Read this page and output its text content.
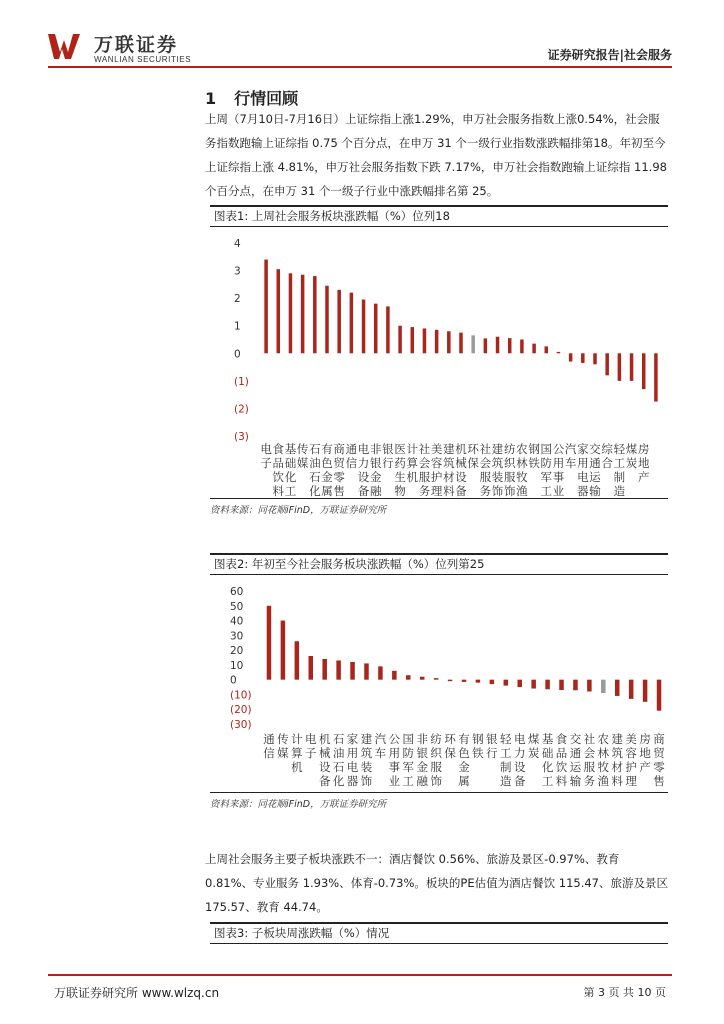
万联证券
WANLIAN SECURITIES	证券研究报告|社会服务
1 行情回顾
上周（7月10日-7月16日）上证综指上涨1.29%，申万社会服务指数上涨0.54%，社会服务指数跑输上证综指 0.75 个百分点，在申万 31 个一级行业指数涨跌幅排第18。年初至今上证综指上涨 4.81%，申万社会服务指数下跌 7.17%，申万社会指数跑输上证综指 11.98 个百分点，在申万 31 个一级子行业中涨跌幅排名第 25。
图表1: 上周社会服务板块涨跌幅（%）位列18
4
3
2
1
0
(1)
(2)
(3)
电
子
食
品
饮
料
基
础
化
工
传
媒
石
油
石
化
有
色
金
属
商
贸
零
售
通
信
电
力
设
备
非
银
金
融
银
行
医
药
生
物
计
算
机
社
会
服
务
美
容
护
理
建
筑
材
料
机
械
设
备
环
保
社
会
服
务
建
筑
装
饰
纺
织
服
饰
农
林
牧
渔
钢
铁
国
防
军
工
公
用
事
业
汽
车
家
用
电
器
交
通
运
输
综
合
轻
工
制
造
煤
炭
房
地
产
资料来源：同花顺iFinD，万联证券研究所
图表2: 年初至今社会服务板块涨跌幅（%）位列第25
60
50
40
30
20
10
0
(10)
(20)
(30)
通
信
传
媒
计
算
机
电
子
机
械
设
备
石
油
石
化
家
用
电
器
建
筑
装
饰
汽
车
公
用
事
业
国
防
军
工
非
银
金
融
纺
织
服
饰
环
保
有
色
金
属
钢
铁
银
行
轻
工
制
造
电
力
设
备
煤
炭
基
础
化
工
食
品
饮
料
交
通
运
输
社
会
服
务
农
林
牧
渔
建
筑
材
料
美
容
护
理
房
地
产
商
贸
零
售
资料来源：同花顺iFinD，万联证券研究所
上周社会服务主要子板块涨跌不一：酒店餐饮 0.56%、旅游及景区-0.97%、教育 0.81%、专业服务 1.93%、体育-0.73%。板块的PE估值为酒店餐饮 115.47、旅游及景区 175.57、教育 44.74。
图表3: 子板块周涨跌幅（%）情况
万联证券研究所 www.wlzq.cn	第 3 页 共 10 页
